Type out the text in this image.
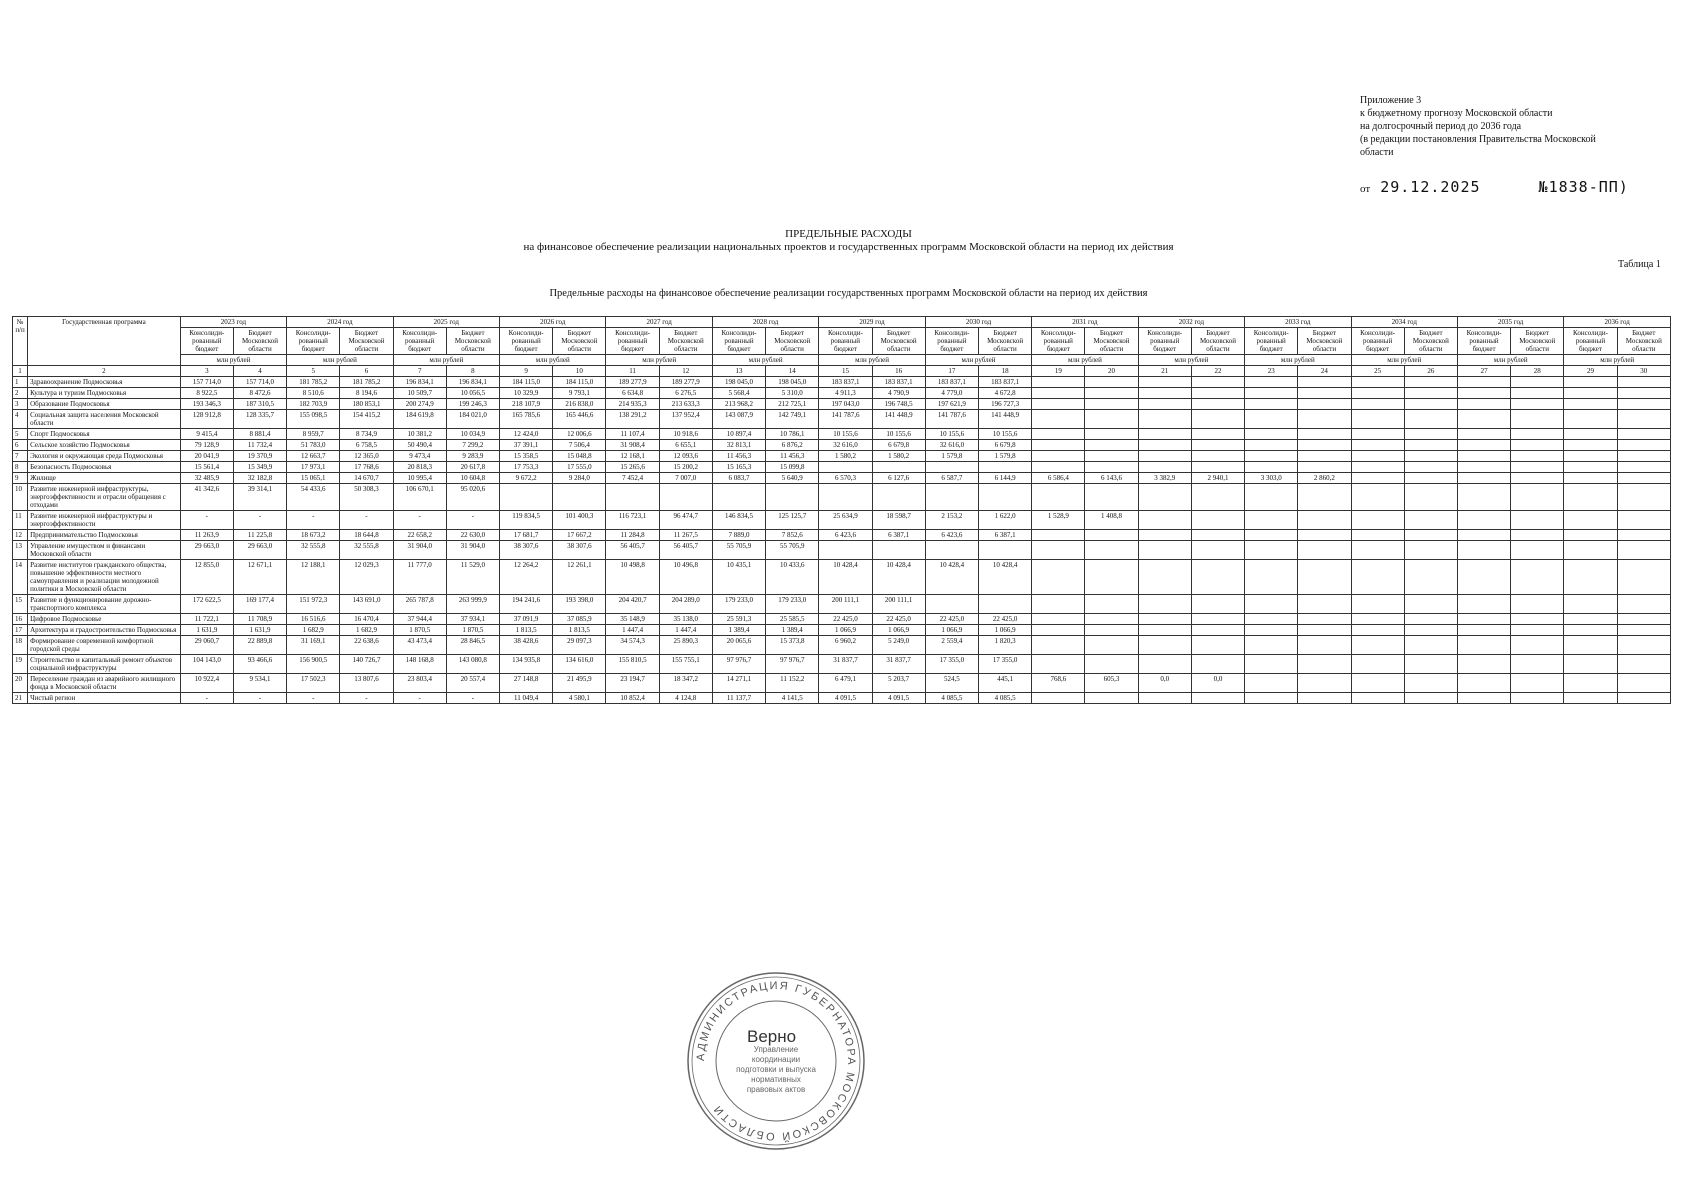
Приложение 3
к бюджетному прогнозу Московской области
на долгосрочный период до 2036 года
(в редакции постановления Правительства Московской
области
от 29.12.2025	№1838-ПП)
ПРЕДЕЛЬНЫЕ РАСХОДЫ
на финансовое обеспечение реализации национальных проектов и государственных программ Московской области на период их действия
Таблица 1
Предельные расходы на финансовое обеспечение реализации государственных программ Московской области на период их действия
№ п/п	Государственная программа	2023 год		2024 год		2025 год		2026 год		2027 год		2028 год		2029 год		2030 год		2031 год		2032 год		2033 год		2034 год		2035 год		2036 год	
		Консолиди-рованный бюджет	Бюджет Московской области	Консолиди-рованный бюджет	Бюджет Московской области	Консолиди-рованный бюджет	Бюджет Московской области	Консолиди-рованный бюджет	Бюджет Московской области	Консолиди-рованный бюджет	Бюджет Московской области	Консолиди-рованный бюджет	Бюджет Московской области	Консолиди-рованный бюджет	Бюджет Московской области	Консолиди-рованный бюджет	Бюджет Московской области	Консолиди-рованный бюджет	Бюджет Московской области	Консолиди-рованный бюджет	Бюджет Московской области	Консолиди-рованный бюджет	Бюджет Московской области	Консолиди-рованный бюджет	Бюджет Московской области	Консолиди-рованный бюджет	Бюджет Московской области	Консолиди-рованный бюджет	Бюджет Московской области
		млн рублей		млн рублей		млн рублей		млн рублей		млн рублей		млн рублей		млн рублей		млн рублей		млн рублей		млн рублей		млн рублей		млн рублей		млн рублей		млн рублей	
1	2	3	4	5	6	7	8	9	10	11	12	13	14	15	16	17	18	19	20	21	22	23	24	25	26	27	28	29	30
1	Здравоохранение Подмосковья	157 714,0	157 714,0	181 785,2	181 785,2	196 834,1	196 834,1	184 115,0	184 115,0	189 277,9	189 277,9	198 045,0	198 045,0	183 837,1	183 837,1	183 837,1	183 837,1												
2	Культура и туризм Подмосковья	8 922,5	8 472,6	8 510,6	8 194,6	10 509,7	10 056,5	10 329,9	9 793,1	6 634,8	6 276,5	5 568,4	5 310,0	4 911,3	4 790,9	4 779,0	4 672,8												
3	Образование Подмосковья	193 346,3	187 310,5	182 703,9	180 853,1	200 274,9	199 246,3	218 107,9	216 838,0	214 935,3	213 633,3	213 968,2	212 725,1	197 043,0	196 748,5	197 621,9	196 727,3												
4	Социальная защита населения Московской области	128 912,8	128 335,7	155 098,5	154 415,2	184 619,8	184 021,0	165 785,6	165 446,6	138 291,2	137 952,4	143 087,9	142 749,1	141 787,6	141 448,9	141 787,6	141 448,9												
5	Спорт Подмосковья	9 415,4	8 881,4	8 959,7	8 734,9	10 381,2	10 034,9	12 424,0	12 006,6	11 107,4	10 918,6	10 897,4	10 786,1	10 155,6	10 155,6	10 155,6	10 155,6												
6	Сельское хозяйство Подмосковья	79 128,9	11 732,4	51 783,0	6 758,5	50 490,4	7 299,2	37 391,1	7 506,4	31 908,4	6 655,1	32 813,1	6 876,2	32 616,0	6 679,8	32 616,0	6 679,8												
7	Экология и окружающая среда Подмосковья	20 041,9	19 370,9	12 663,7	12 365,0	9 473,4	9 283,9	15 358,5	15 048,8	12 168,1	12 093,6	11 456,3	11 456,3	1 580,2	1 580,2	1 579,8	1 579,8												
8	Безопасность Подмосковья	15 561,4	15 349,9	17 973,1	17 768,6	20 818,3	20 617,8	17 753,3	17 555,0	15 265,6	15 200,2	15 165,3	15 099,8																
9	Жилище	32 485,9	32 182,8	15 065,1	14 670,7	10 995,4	10 604,8	9 672,2	9 284,0	7 452,4	7 007,0	6 083,7	5 640,9	6 570,3	6 127,6	6 587,7	6 144,9	6 586,4	6 143,6	3 382,9	2 940,1	3 303,0	2 860,2						
10	Развитие инженерной инфраструктуры, энергоэффективности и отрасли обращения с отходами	41 342,6	39 314,1	54 433,6	50 308,3	106 670,1	95 020,6																						
11	Развитие инженерной инфраструктуры и энергоэффективности	-	-	-	-	-	-	119 834,5	101 400,3	116 723,1	96 474,7	146 834,5	125 125,7	25 634,9	18 598,7	2 153,2	1 622,0	1 528,9	1 408,8										
12	Предпринимательство Подмосковья	11 263,9	11 225,8	18 673,2	18 644,8	22 658,2	22 630,0	17 681,7	17 667,2	11 284,8	11 267,5	7 889,0	7 852,6	6 423,6	6 387,1	6 423,6	6 387,1												
13	Управление имуществом и финансами Московской области	29 663,0	29 663,0	32 555,8	32 555,8	31 904,0	31 904,0	38 307,6	38 307,6	56 405,7	56 405,7	55 705,9	55 705,9																
14	Развитие институтов гражданского общества, повышение эффективности местного самоуправления и реализации молодежной политики в Московской области	12 855,0	12 671,1	12 188,1	12 029,3	11 777,0	11 529,0	12 264,2	12 261,1	10 498,8	10 496,8	10 435,1	10 433,6	10 428,4	10 428,4	10 428,4	10 428,4												
15	Развитие и функционирование дорожно-транспортного комплекса	172 622,5	169 177,4	151 972,3	143 691,0	265 787,8	263 999,9	194 241,6	193 398,0	204 420,7	204 289,0	179 233,0	179 233,0	200 111,1	200 111,1														
16	Цифровое Подмосковье	11 722,1	11 708,9	16 516,6	16 470,4	37 944,4	37 934,1	37 091,9	37 085,9	35 148,9	35 138,0	25 591,3	25 585,5	22 425,0	22 425,0	22 425,0	22 425,0												
17	Архитектура и градостроительство Подмосковья	1 631,9	1 631,9	1 682,9	1 682,9	1 870,5	1 870,5	1 813,5	1 813,5	1 447,4	1 447,4	1 389,4	1 389,4	1 066,9	1 066,9	1 066,9	1 066,9												
18	Формирование современной комфортной городской среды	29 060,7	22 889,8	31 169,1	22 638,6	43 473,4	28 846,5	38 428,6	29 097,3	34 574,3	25 890,3	20 065,6	15 373,8	6 960,2	5 249,0	2 559,4	1 820,3												
19	Строительство и капитальный ремонт объектов социальной инфраструктуры	104 143,0	93 466,6	156 900,5	140 726,7	148 168,8	143 080,8	134 935,8	134 616,0	155 810,5	155 755,1	97 976,7	97 976,7	31 837,7	31 837,7	17 355,0	17 355,0												
20	Переселение граждан из аварийного жилищного фонда в Московской области	10 922,4	9 534,1	17 502,3	13 807,6	23 803,4	20 557,4	27 148,8	21 495,9	23 194,7	18 347,2	14 271,1	11 152,2	6 479,1	5 203,7	524,5	445,1	768,6	605,3	0,0	0,0								
21	Чистый регион	-	-	-	-	-	-	11 049,4	4 580,1	10 852,4	4 124,8	11 137,7	4 141,5	4 091,5	4 091,5	4 085,5	4 085,5												
АДМИНИСТРАЦИЯ ГУБЕРНАТОРА МОСКОВСКОЙ ОБЛАСТИ
Верно
Управление
координации
подготовки и выпуска
нормативных
правовых актов
